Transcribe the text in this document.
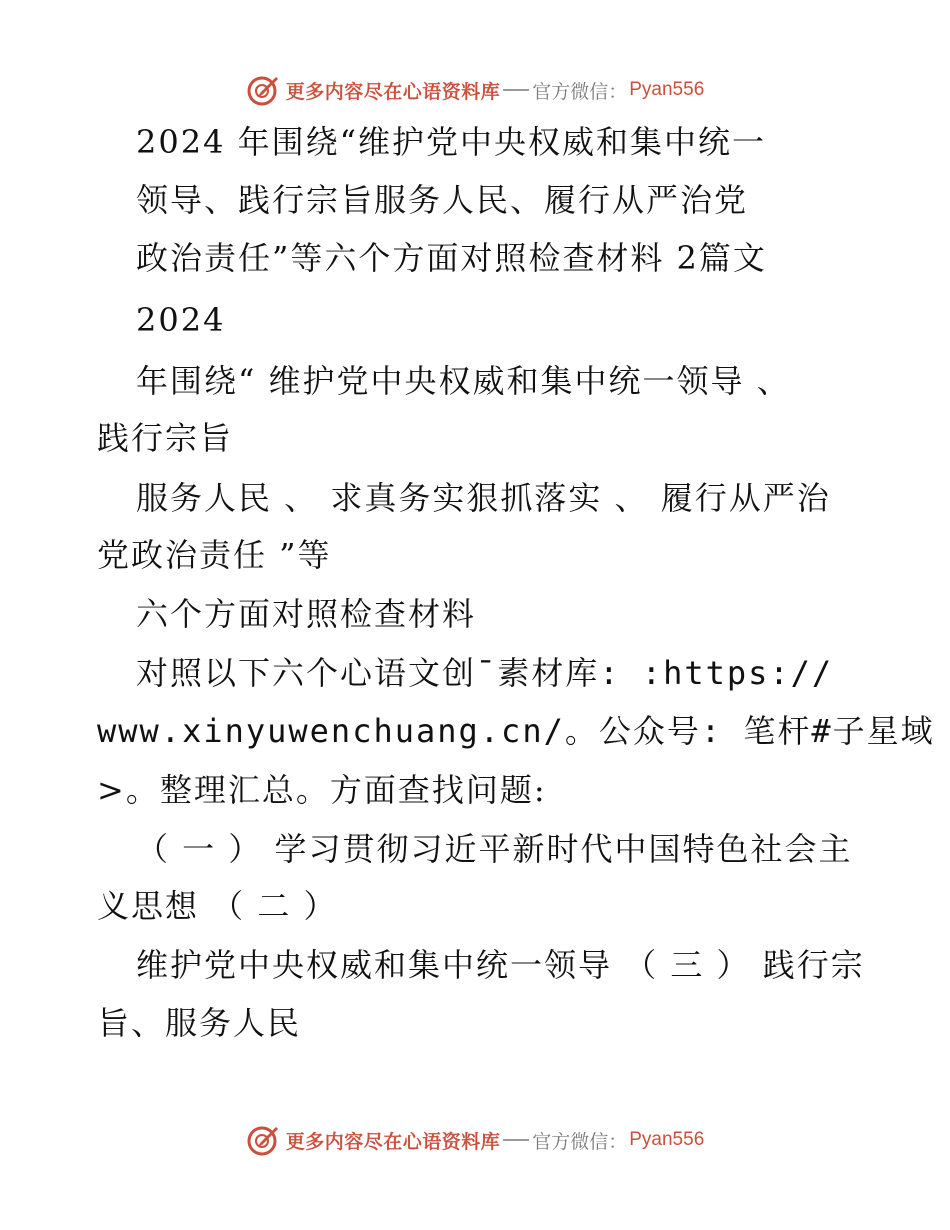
更多内容尽在心语资料库 官方微信： Pyan556

2024 年围绕“维护党中央权威和集中统一

领导、践行宗旨服务人民、履行从严治党

政治责任”等六个方面对照检查材料 2篇文

2024

年围绕“ 维护党中央权威和集中统一领导 、

践行宗旨

服务人民 、 求真务实狠抓落实 、 履行从严治

党政治责任 ”等

六个方面对照检查材料

对照以下六个心语文创¯素材库: :https://

www.xinyuwenchuang.cn/。公众号: 笔杆#子星域

>。整理汇总。方面查找问题:

（ 一 ） 学习贯彻习近平新时代中国特色社会主

义思想 （ 二 ）

维护党中央权威和集中统一领导 （ 三 ） 践行宗

旨、服务人民

更多内容尽在心语资料库 官方微信： Pyan556
